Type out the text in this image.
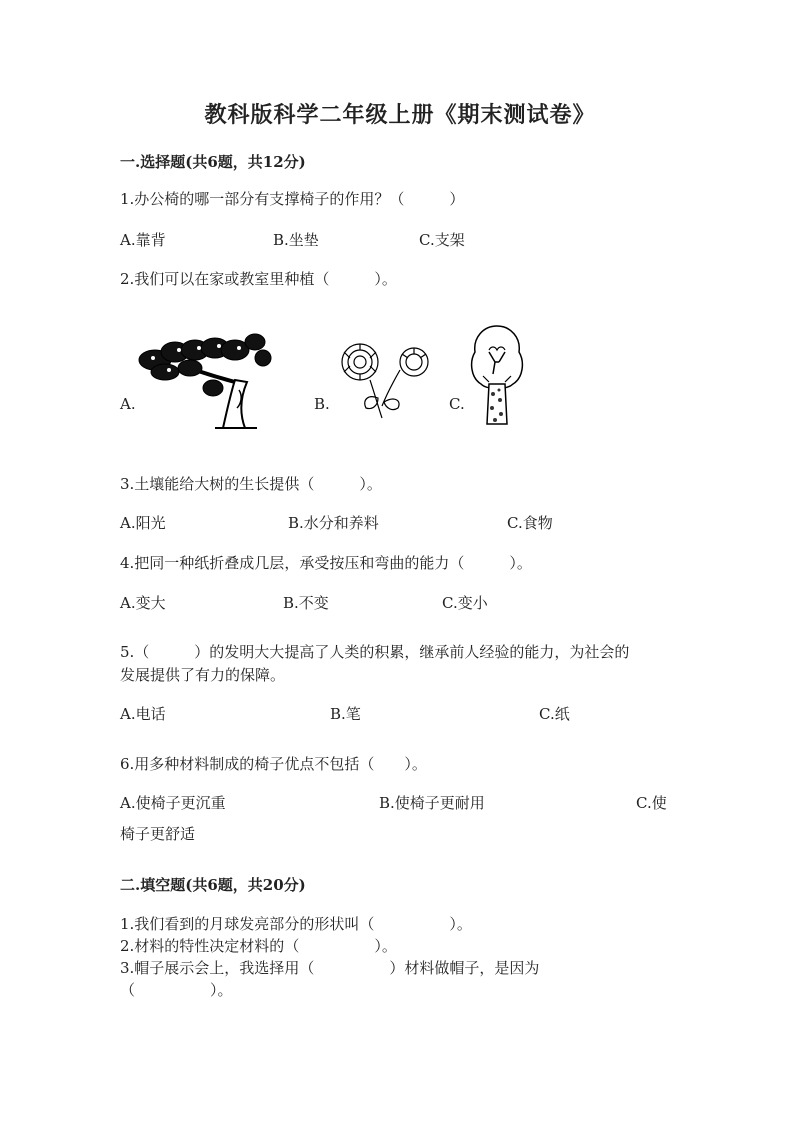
教科版科学二年级上册《期末测试卷》
一.选择题(共6题，共12分)
1.办公椅的哪一部分有支撑椅子的作用？（　　　）
A.靠背	B.坐垫	C.支架
2.我们可以在家或教室里种植（　　　）。
A.	B.	C.
3.土壤能给大树的生长提供（　　　）。
A.阳光	B.水分和养料	C.食物
4.把同一种纸折叠成几层，承受按压和弯曲的能力（　　　）。
A.变大	B.不变	C.变小
5.（　　　）的发明大大提高了人类的积累，继承前人经验的能力，为社会的
发展提供了有力的保障。
A.电话	B.笔	C.纸
6.用多种材料制成的椅子优点不包括（　　）。
A.使椅子更沉重	B.使椅子更耐用	C.使
椅子更舒适
二.填空题(共6题，共20分)
1.我们看到的月球发亮部分的形状叫（　　　　　）。
2.材料的特性决定材料的（　　　　　）。
3.帽子展示会上，我选择用（　　　　　）材料做帽子，是因为
（　　　　　）。
